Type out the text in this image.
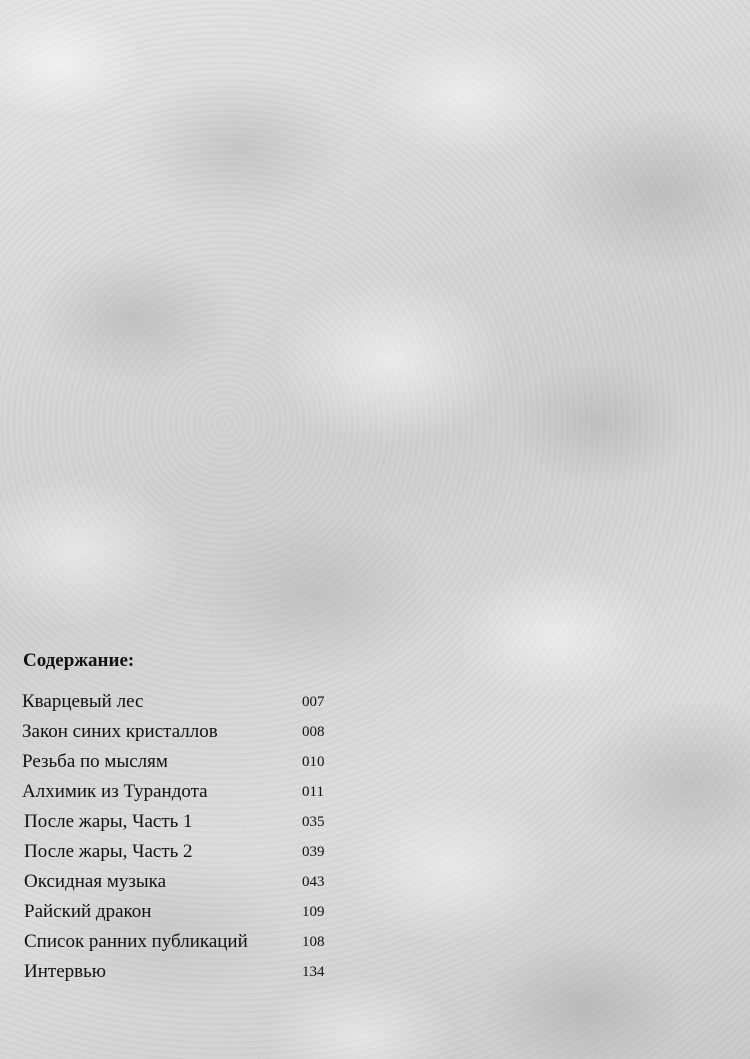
Содержание:
Кварцевый лес	007
Закон синих кристаллов	008
Резьба по мыслям	010
Алхимик из Турандота	011
После жары, Часть 1	035
После жары, Часть 2	039
Оксидная музыка	043
Райский дракон	109
Список ранних публикаций	108
Интервью	134
